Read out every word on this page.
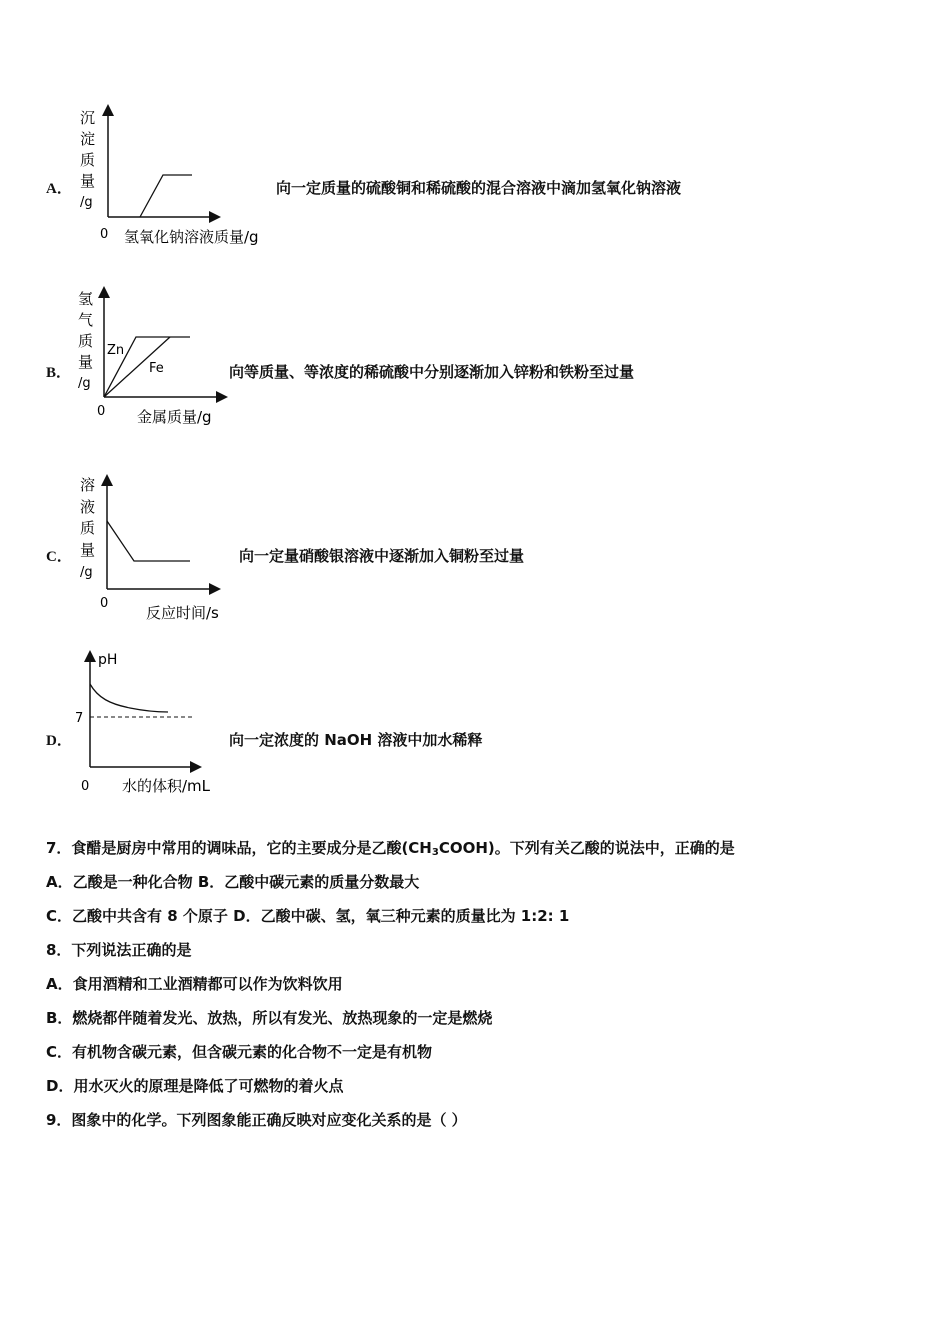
A．
沉
淀
质
量
/g
0 氢氧化钠溶液质量/g
向一定质量的硫酸铜和稀硫酸的混合溶液中滴加氢氧化钠溶液
B．
氢
气
质
量
/g
Zn
Fe
0 金属质量/g
向等质量、等浓度的稀硫酸中分别逐渐加入锌粉和铁粉至过量
C．
溶
液
质
量
/g
0
反应时间/s
向一定量硝酸银溶液中逐渐加入铜粉至过量
D．
pH
7
0 水的体积/mL
向一定浓度的 NaOH 溶液中加水稀释
7．食醋是厨房中常用的调味品，它的主要成分是乙酸$(CH_3COOH)$。下列有关乙酸的说法中，正确的是
A．乙酸是一种化合物 B．乙酸中碳元素的质量分数最大
C．乙酸中共含有 8 个原子 D．乙酸中碳、氢，氧三种元素的质量比为 1:2: 1
8．下列说法正确的是
A．食用酒精和工业酒精都可以作为饮料饮用
B．燃烧都伴随着发光、放热，所以有发光、放热现象的一定是燃烧
C．有机物含碳元素，但含碳元素的化合物不一定是有机物
D．用水灭火的原理是降低了可燃物的着火点
9．图象中的化学。下列图象能正确反映对应变化关系的是（ ）
